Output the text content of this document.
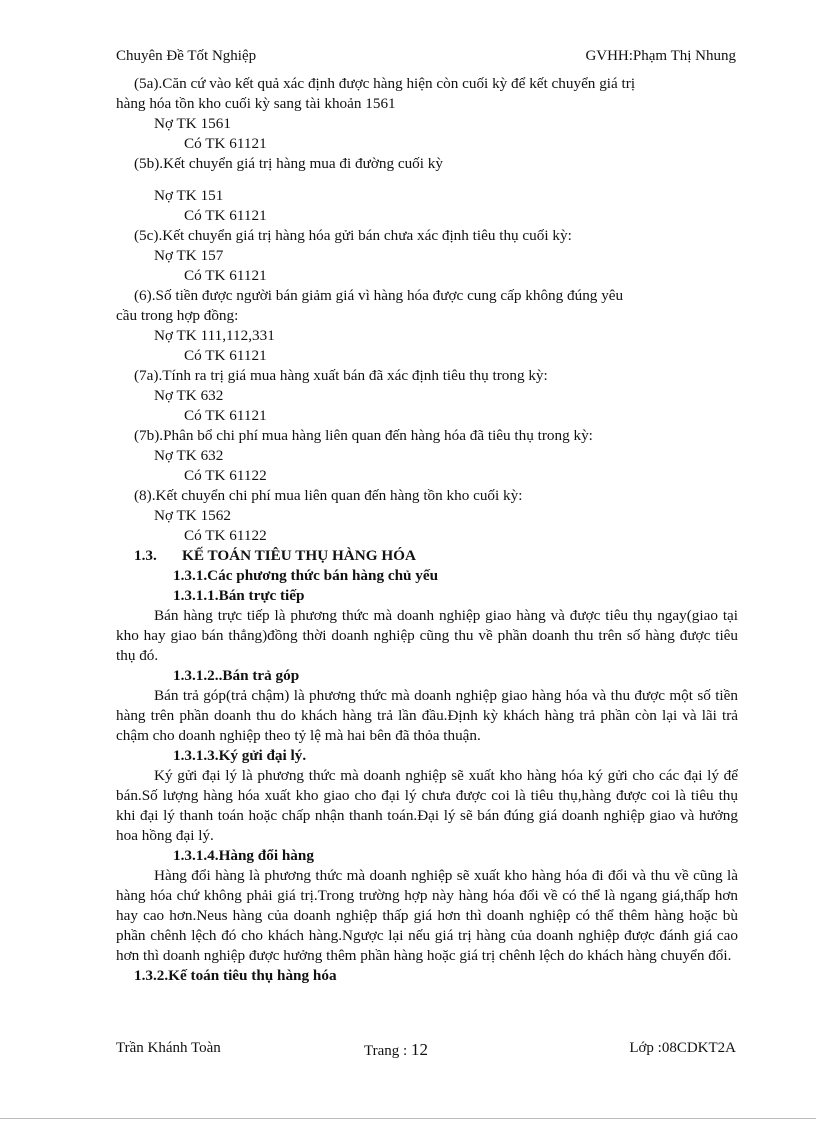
Chuyên Đề Tốt Nghiệp	GVHH:Phạm Thị Nhung

(5a).Căn cứ vào kết quả xác định được hàng hiện còn cuối kỳ để kết chuyển giá trị

hàng hóa tồn kho cuối kỳ sang tài khoản 1561

Nợ TK 1561

Có TK 61121

(5b).Kết chuyển giá trị hàng mua đi đường cuối kỳ

Nợ TK 151

Có TK 61121

(5c).Kết chuyển giá trị hàng hóa gửi bán chưa xác định tiêu thụ cuối kỳ:

Nợ TK 157

Có TK 61121

(6).Số tiền được người bán giảm giá vì hàng hóa được cung cấp không đúng yêu

cầu trong hợp đồng:

Nợ TK 111,112,331

Có TK 61121

(7a).Tính ra trị giá mua hàng xuất bán đã xác định tiêu thụ trong kỳ:

Nợ TK 632

Có TK 61121

(7b).Phân bổ chi phí mua hàng liên quan đến hàng hóa đã tiêu thụ trong kỳ:

Nợ TK 632

Có TK 61122

(8).Kết chuyển chi phí mua liên quan đến hàng tồn kho cuối kỳ:

Nợ TK 1562

Có TK 61122

1.3. KẾ TOÁN TIÊU THỤ HÀNG HÓA

1.3.1.Các phương thức bán hàng chủ yếu

1.3.1.1.Bán trực tiếp

Bán hàng trực tiếp là phương thức mà doanh nghiệp giao hàng và được tiêu thụ ngay(giao tại kho hay giao bán thẳng)đồng thời doanh nghiệp cũng thu về phần doanh thu trên số hàng được tiêu thụ đó.

1.3.1.2..Bán trả góp

Bán trả góp(trả chậm) là phương thức mà doanh nghiệp giao hàng hóa và thu được một số tiền hàng trên phần doanh thu do khách hàng trả lần đầu.Định kỳ khách hàng trả phần còn lại và lãi trả chậm cho doanh nghiệp theo tỷ lệ mà hai bên đã thỏa thuận.

1.3.1.3.Ký gửi đại lý.

Ký gửi đại lý là phương thức mà doanh nghiệp sẽ xuất kho hàng hóa ký gửi cho các đại lý để bán.Số lượng hàng hóa xuất kho giao cho đại lý chưa được coi là tiêu thụ,hàng được coi là tiêu thụ khi đại lý thanh toán hoặc chấp nhận thanh toán.Đại lý sẽ bán đúng giá doanh nghiệp giao và hưởng hoa hồng đại lý.

1.3.1.4.Hàng đổi hàng

Hàng đổi hàng là phương thức mà doanh nghiệp sẽ xuất kho hàng hóa đi đổi và thu về cũng là hàng hóa chứ không phải giá trị.Trong trường hợp này hàng hóa đổi về có thể là ngang giá,thấp hơn hay cao hơn.Neus hàng của doanh nghiệp thấp giá hơn thì doanh nghiệp có thể thêm hàng hoặc bù phần chênh lệch đó cho khách hàng.Ngược lại nếu giá trị hàng của doanh nghiệp được đánh giá cao hơn thì doanh nghiệp được hưởng thêm phần hàng hoặc giá trị chênh lệch do khách hàng chuyển đổi.

1.3.2.Kế toán tiêu thụ hàng hóa

Trần Khánh Toàn	Trang : 12	Lớp :08CDKT2A
